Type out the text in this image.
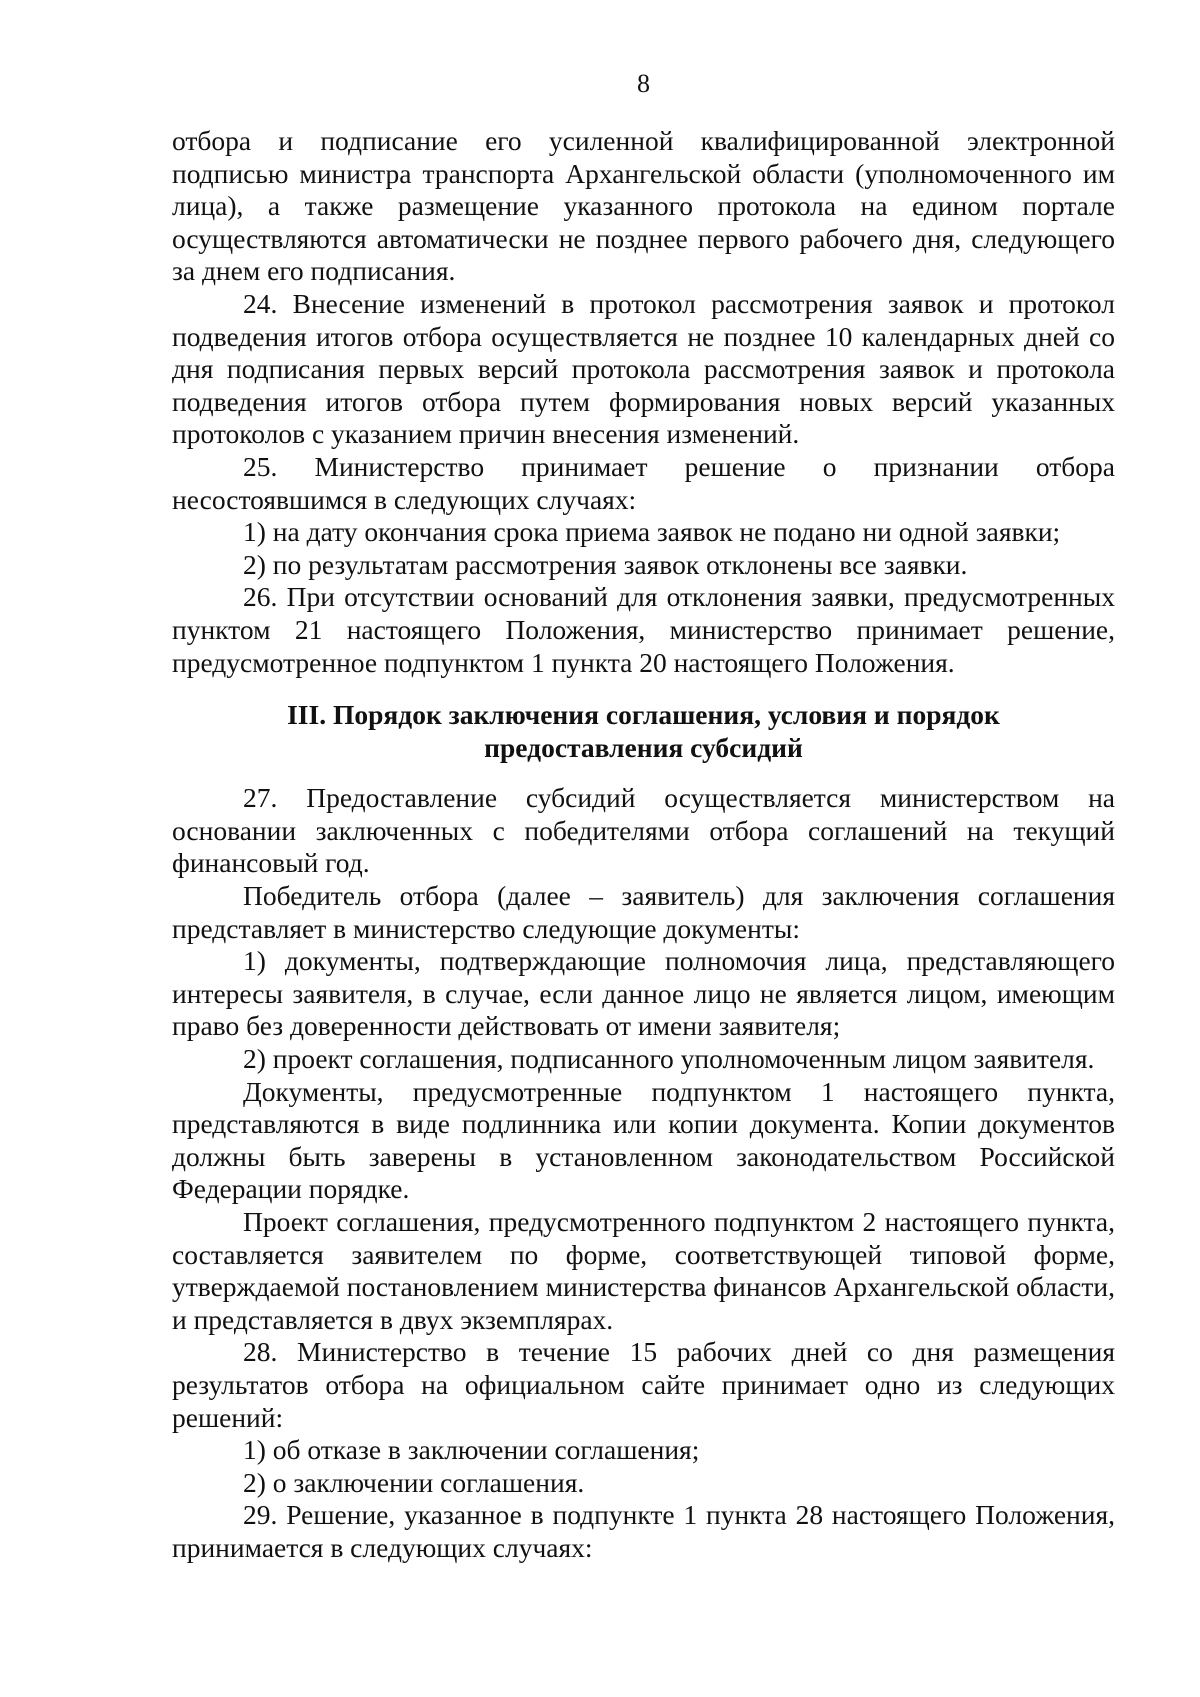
8

отбора и подписание его усиленной квалифицированной электронной подписью министра транспорта Архангельской области (уполномоченного им лица), а также размещение указанного протокола на едином портале осуществляются автоматически не позднее первого рабочего дня, следующего за днем его подписания.

24. Внесение изменений в протокол рассмотрения заявок и протокол подведения итогов отбора осуществляется не позднее 10 календарных дней со дня подписания первых версий протокола рассмотрения заявок и протокола подведения итогов отбора путем формирования новых версий указанных протоколов с указанием причин внесения изменений.

25. Министерство принимает решение о признании отбора несостоявшимся в следующих случаях:

1) на дату окончания срока приема заявок не подано ни одной заявки;

2) по результатам рассмотрения заявок отклонены все заявки.

26. При отсутствии оснований для отклонения заявки, предусмотренных пунктом 21 настоящего Положения, министерство принимает решение, предусмотренное подпунктом 1 пункта 20 настоящего Положения.

III. Порядок заключения соглашения, условия и порядок
предоставления субсидий

27. Предоставление субсидий осуществляется министерством на основании заключенных с победителями отбора соглашений на текущий финансовый год.

Победитель отбора (далее – заявитель) для заключения соглашения представляет в министерство следующие документы:

1) документы, подтверждающие полномочия лица, представляющего интересы заявителя, в случае, если данное лицо не является лицом, имеющим право без доверенности действовать от имени заявителя;

2) проект соглашения, подписанного уполномоченным лицом заявителя.

Документы, предусмотренные подпунктом 1 настоящего пункта, представляются в виде подлинника или копии документа. Копии документов должны быть заверены в установленном законодательством Российской Федерации порядке.

Проект соглашения, предусмотренного подпунктом 2 настоящего пункта, составляется заявителем по форме, соответствующей типовой форме, утверждаемой постановлением министерства финансов Архангельской области, и представляется в двух экземплярах.

28. Министерство в течение 15 рабочих дней со дня размещения результатов отбора на официальном сайте принимает одно из следующих решений:

1) об отказе в заключении соглашения;

2) о заключении соглашения.

29. Решение, указанное в подпункте 1 пункта 28 настоящего Положения, принимается в следующих случаях:
